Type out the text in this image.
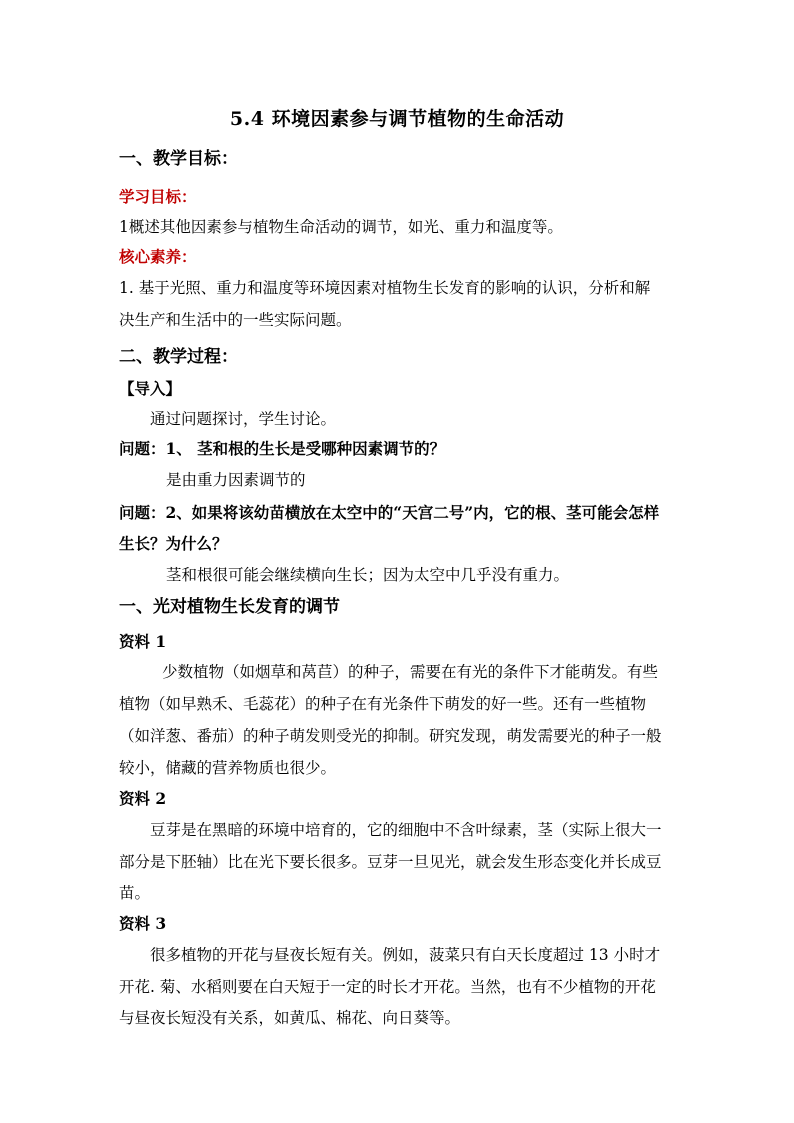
5.4 环境因素参与调节植物的生命活动
一、教学目标：
学习目标：
1概述其他因素参与植物生命活动的调节，如光、重力和温度等。
核心素养：
1. 基于光照、重力和温度等环境因素对植物生长发育的影响的认识，分析和解
决生产和生活中的一些实际问题。
二、教学过程：
【导入】
通过问题探讨，学生讨论。
问题：1、 茎和根的生长是受哪种因素调节的？
是由重力因素调节的
问题：2、如果将该幼苗横放在太空中的“天宫二号”内，它的根、茎可能会怎样
生长？为什么？
茎和根很可能会继续横向生长；因为太空中几乎没有重力。
一、光对植物生长发育的调节
资料 1
少数植物（如烟草和莴苣）的种子，需要在有光的条件下才能萌发。有些
植物（如早熟禾、毛蕊花）的种子在有光条件下萌发的好一些。还有一些植物
（如洋葱、番茄）的种子萌发则受光的抑制。研究发现，萌发需要光的种子一般
较小，储藏的营养物质也很少。
资料 2
豆芽是在黑暗的环境中培育的，它的细胞中不含叶绿素，茎（实际上很大一
部分是下胚轴）比在光下要长很多。豆芽一旦见光，就会发生形态变化并长成豆
苗。
资料 3
很多植物的开花与昼夜长短有关。例如，菠菜只有白天长度超过 13 小时才
开花. 菊、水稻则要在白天短于一定的时长才开花。当然，也有不少植物的开花
与昼夜长短没有关系，如黄瓜、棉花、向日葵等。
